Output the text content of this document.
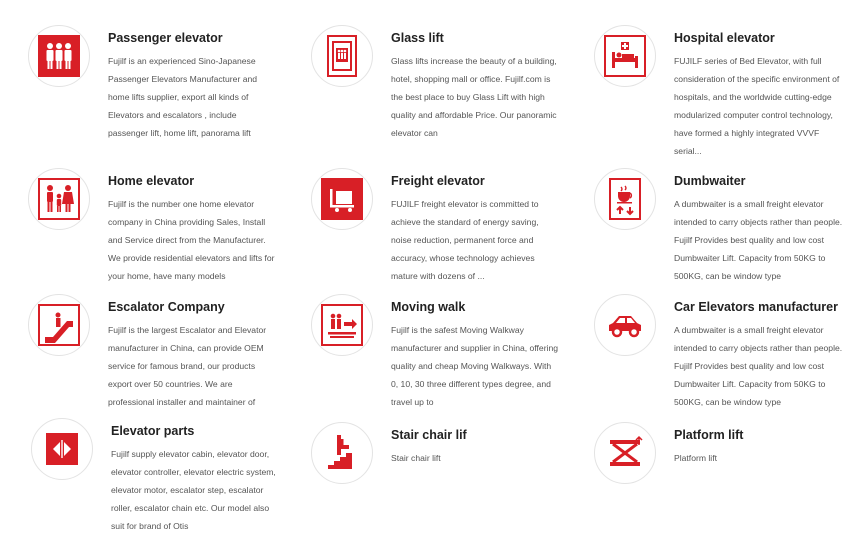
Passenger elevator
Fujilf is an experienced Sino-Japanese Passenger Elevators Manufacturer and home lifts supplier, export all kinds of Elevators and escalators , include passenger lift, home lift, panorama lift
Glass lift
Glass lifts increase the beauty of a building, hotel, shopping mall or office. Fujilf.com is the best place to buy Glass Lift with high quality and affordable Price. Our panoramic elevator can
Hospital elevator
FUJILF series of Bed Elevator, with full consideration of the specific environment of hospitals, and the worldwide cutting-edge modularized computer control technology, have formed a highly integrated VVVF serial...
Home elevator
Fujilf is the number one home elevator company in China providing Sales, Install and Service direct from the Manufacturer. We provide residential elevators and lifts for your home, have many models
Freight elevator
FUJILF freight elevator is committed to achieve the standard of energy saving, noise reduction, permanent force and accuracy, whose technology achieves mature with dozens of ...
Dumbwaiter
A dumbwaiter is a small freight elevator intended to carry objects rather than people. Fujilf Provides best quality and low cost Dumbwaiter Lift. Capacity from 50KG to 500KG, can be window type
Escalator Company
Fujilf is the largest Escalator and Elevator manufacturer in China, can provide OEM service for famous brand, our products export over 50 countries. We are professional installer and maintainer of
Moving walk
Fujilf is the safest Moving Walkway manufacturer and supplier in China, offering quality and cheap Moving Walkways. With 0, 10, 30 three different types degree, and travel up to
Car Elevators manufacturer
A dumbwaiter is a small freight elevator intended to carry objects rather than people. Fujilf Provides best quality and low cost Dumbwaiter Lift. Capacity from 50KG to 500KG, can be window type
Elevator parts
Fujilf supply elevator cabin, elevator door, elevator controller, elevator electric system, elevator motor, escalator step, escalator roller, escalator chain etc. Our model also suit for brand of Otis
Stair chair lif
Stair chair lift
Platform lift
Platform lift
